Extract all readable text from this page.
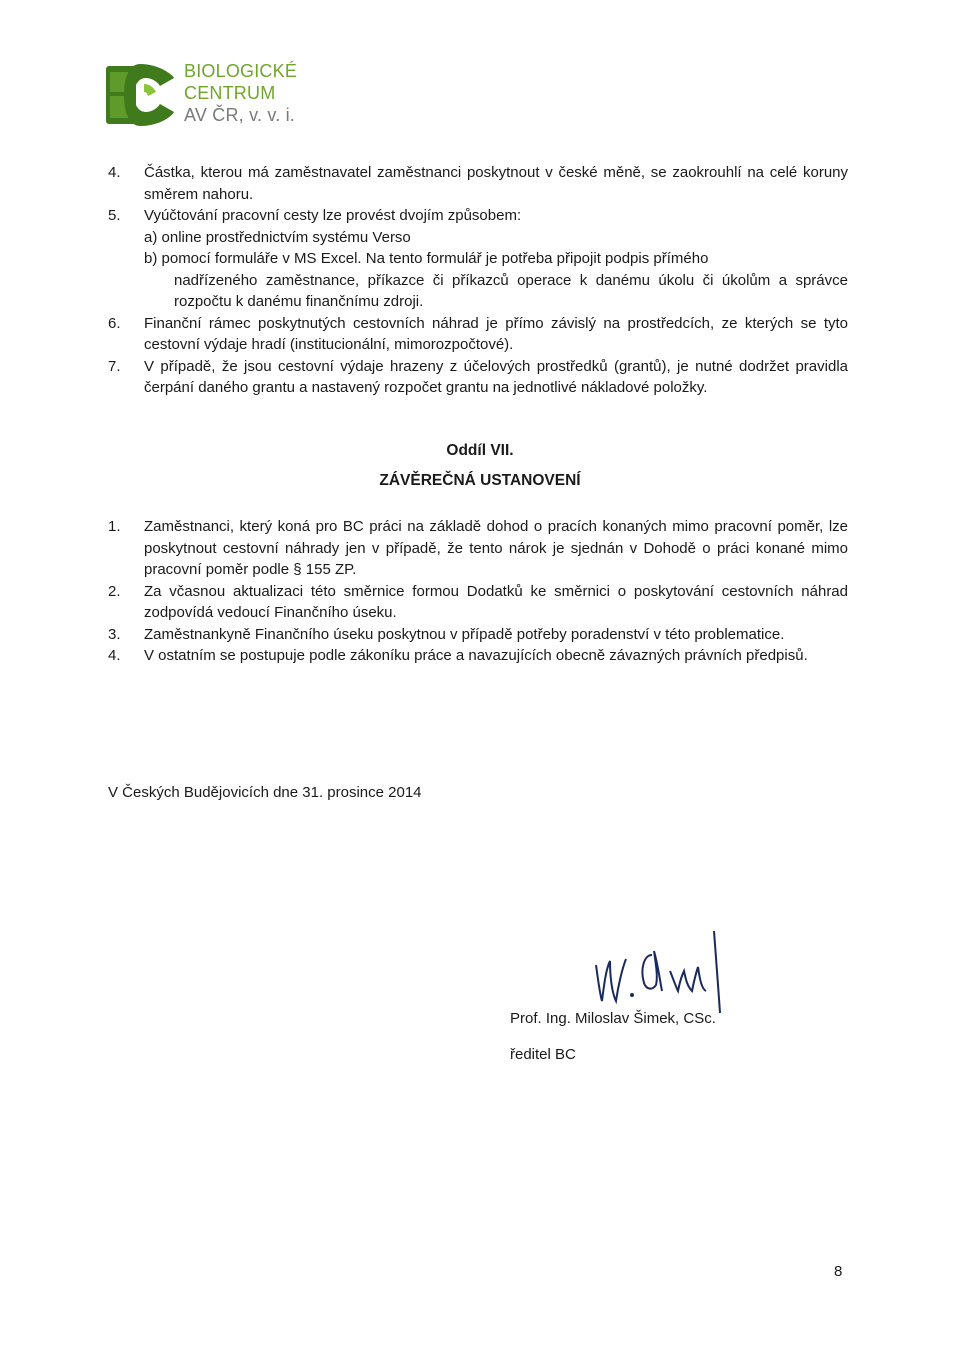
BIOLOGICKÉ
CENTRUM
AV ČR, v. v. i.
4. Částka, kterou má zaměstnavatel zaměstnanci poskytnout v české měně, se zaokrouhlí na celé koruny směrem nahoru.
5. Vyúčtování pracovní cesty lze provést dvojím způsobem:
a) online prostřednictvím systému Verso
b) pomocí formuláře v MS Excel. Na tento formulář je potřeba připojit podpis přímého
nadřízeného zaměstnance, příkazce či příkazců operace k danému úkolu či úkolům a správce rozpočtu k danému finančnímu zdroji.
6. Finanční rámec poskytnutých cestovních náhrad je přímo závislý na prostředcích, ze kterých se tyto cestovní výdaje hradí (institucionální, mimorozpočtové).
7. V případě, že jsou cestovní výdaje hrazeny z účelových prostředků (grantů), je nutné dodržet pravidla čerpání daného grantu a nastavený rozpočet grantu na jednotlivé nákladové položky.
Oddíl VII.
ZÁVĚREČNÁ USTANOVENÍ
1. Zaměstnanci, který koná pro BC práci na základě dohod o pracích konaných mimo pracovní poměr, lze poskytnout cestovní náhrady jen v případě, že tento nárok je sjednán v Dohodě o práci konané mimo pracovní poměr podle § 155 ZP.
2. Za včasnou aktualizaci této směrnice formou Dodatků ke směrnici o poskytování cestovních náhrad zodpovídá vedoucí Finančního úseku.
3. Zaměstnankyně Finančního úseku poskytnou v případě potřeby poradenství v této problematice.
4. V ostatním se postupuje podle zákoníku práce a navazujících obecně závazných právních předpisů.
V Českých Budějovicích dne 31. prosince 2014
Prof. Ing. Miloslav Šimek, CSc.
ředitel BC
8
